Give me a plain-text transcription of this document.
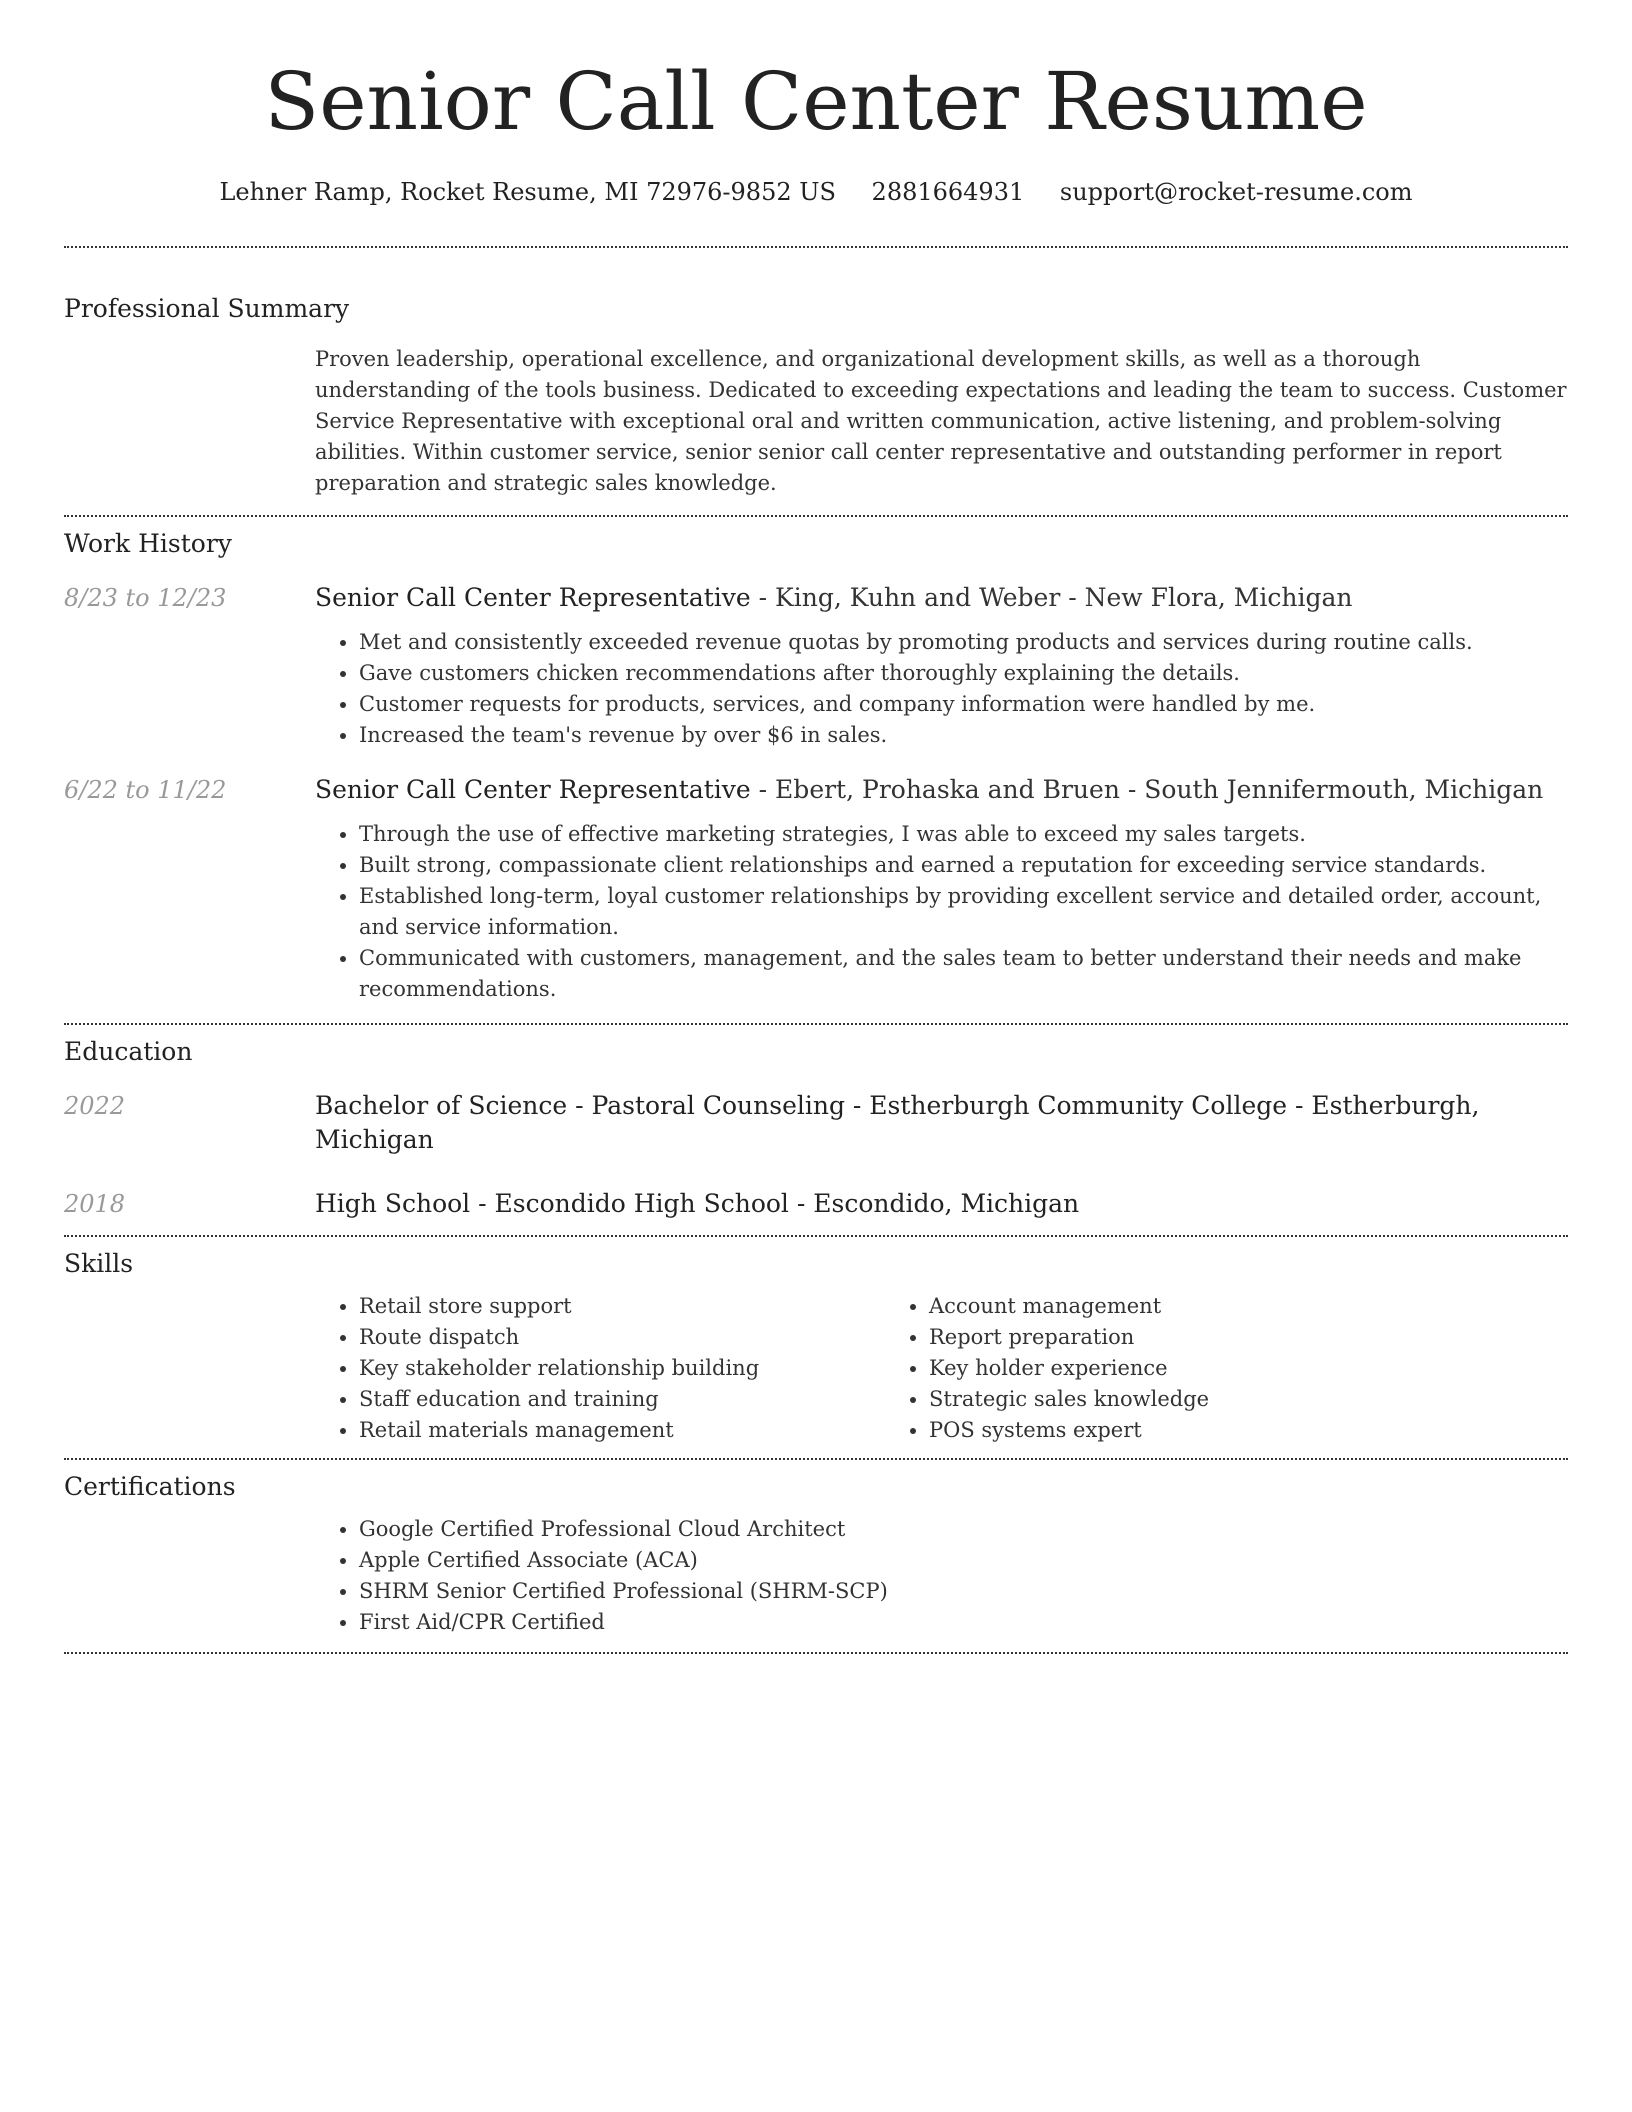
Senior Call Center Resume
Lehner Ramp, Rocket Resume, MI 72976-9852 US 2881664931 support@rocket-resume.com
Professional Summary
Proven leadership, operational excellence, and organizational development skills, as well as a thorough understanding of the tools business. Dedicated to exceeding expectations and leading the team to success. Customer Service Representative with exceptional oral and written communication, active listening, and problem-solving abilities. Within customer service, senior senior call center representative and outstanding performer in report preparation and strategic sales knowledge.
Work History
8/23 to 12/23	Senior Call Center Representative - King, Kuhn and Weber - New Flora, Michigan
• Met and consistently exceeded revenue quotas by promoting products and services during routine calls.
• Gave customers chicken recommendations after thoroughly explaining the details.
• Customer requests for products, services, and company information were handled by me.
• Increased the team's revenue by over $6 in sales.
6/22 to 11/22	Senior Call Center Representative - Ebert, Prohaska and Bruen - South Jennifermouth, Michigan
• Through the use of effective marketing strategies, I was able to exceed my sales targets.
• Built strong, compassionate client relationships and earned a reputation for exceeding service standards.
• Established long-term, loyal customer relationships by providing excellent service and detailed order, account, and service information.
• Communicated with customers, management, and the sales team to better understand their needs and make recommendations.
Education
2022	Bachelor of Science - Pastoral Counseling - Estherburgh Community College - Estherburgh, Michigan
2018	High School - Escondido High School - Escondido, Michigan
Skills
• Retail store support
• Route dispatch
• Key stakeholder relationship building
• Staff education and training
• Retail materials management
• Account management
• Report preparation
• Key holder experience
• Strategic sales knowledge
• POS systems expert
Certifications
• Google Certified Professional Cloud Architect
• Apple Certified Associate (ACA)
• SHRM Senior Certified Professional (SHRM-SCP)
• First Aid/CPR Certified
